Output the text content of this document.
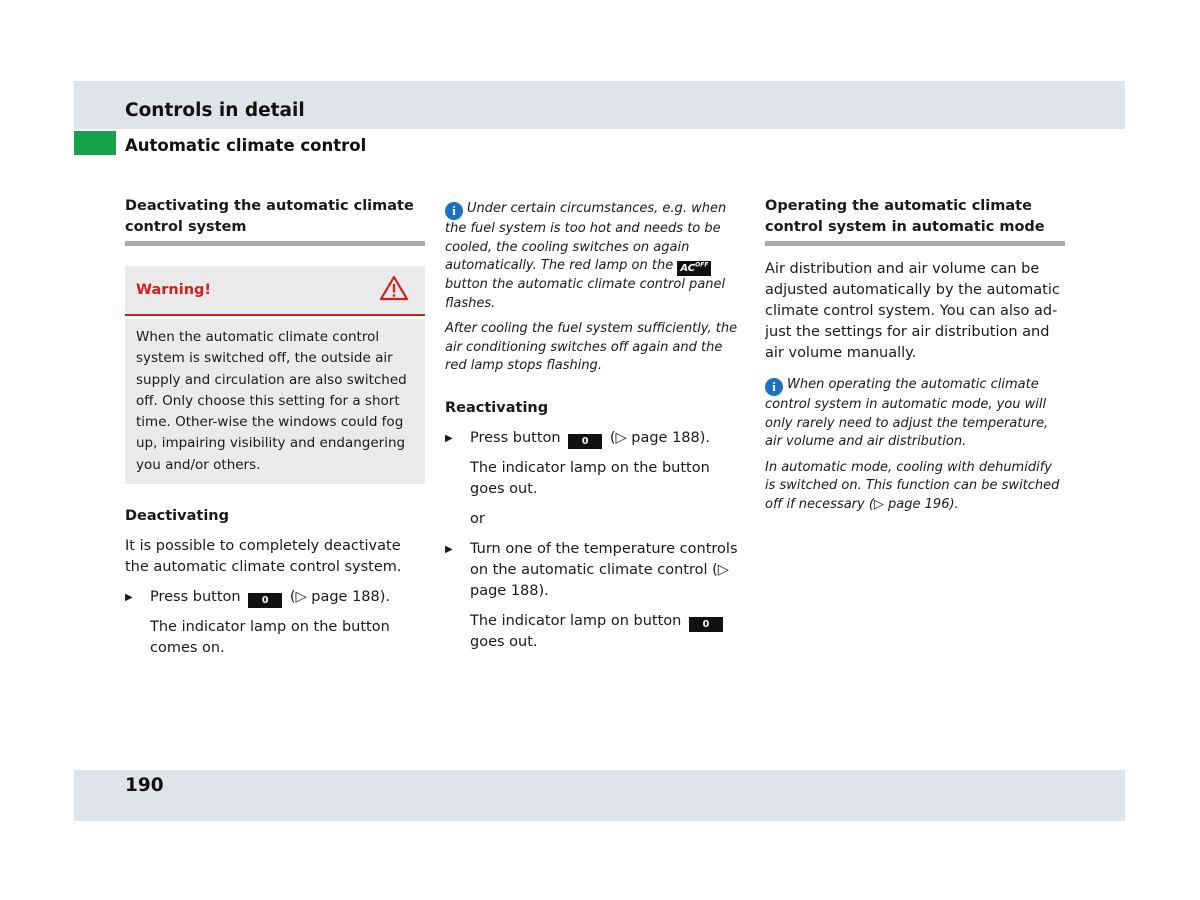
Controls in detail
Automatic climate control
Deactivating the automatic climate control system
Warning!

When the automatic climate control system is switched off, the outside air supply and circulation are also switched off. Only choose this setting for a short time. Other-wise the windows could fog up, impairing visibility and endangering you and/or others.

Deactivating

It is possible to completely deactivate the automatic climate control system.

▶	Press button 0 (▷ page 188).

The indicator lamp on the button comes on.

i Under certain circumstances, e.g. when the fuel system is too hot and needs to be cooled, the cooling switches on again automatically. The red lamp on the $AC^{OFF}$ button the automatic climate control panel flashes.

After cooling the fuel system sufficiently, the air conditioning switches off again and the red lamp stops flashing.

Reactivating
▶	Press button 0 (▷ page 188).

The indicator lamp on the button goes out.

or

▶	Turn one of the temperature controls on the automatic climate control (▷ page 188).

The indicator lamp on button 0 goes out.

Operating the automatic climate control system in automatic mode

Air distribution and air volume can be adjusted automatically by the automatic climate control system. You can also ad-just the settings for air distribution and air volume manually.

i When operating the automatic climate control system in automatic mode, you will only rarely need to adjust the temperature, air volume and air distribution.

In automatic mode, cooling with dehumidify is switched on. This function can be switched off if necessary (▷ page 196).

190
